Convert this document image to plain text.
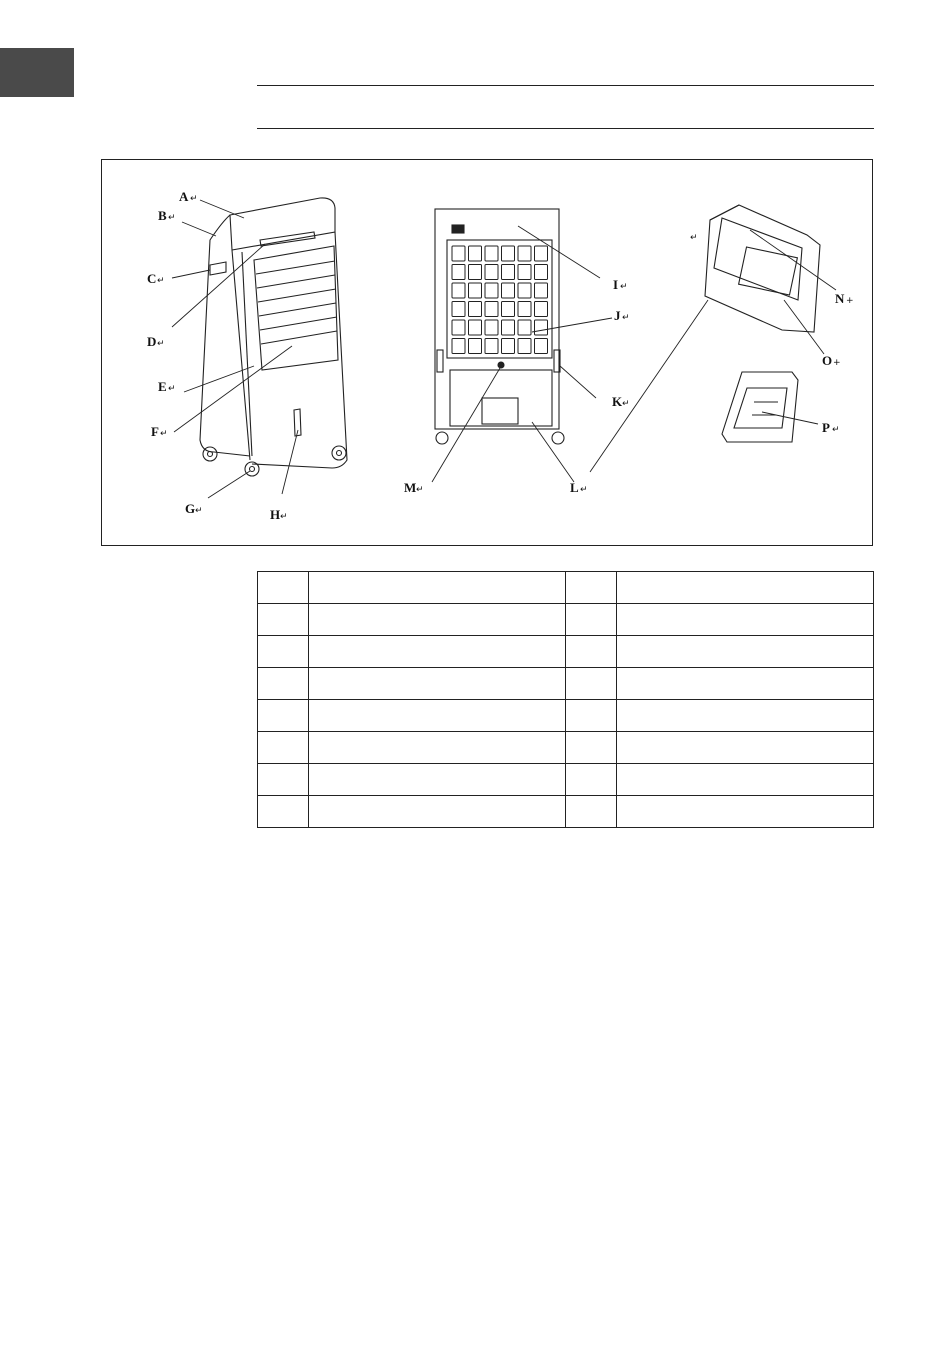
A ↵
B ↵
C ↵
D ↵
E ↵
F ↵
G ↵	H ↵
I ↵
J ↵
K ↵
L ↵
M ↵
↵
N +
O +
P ↵
